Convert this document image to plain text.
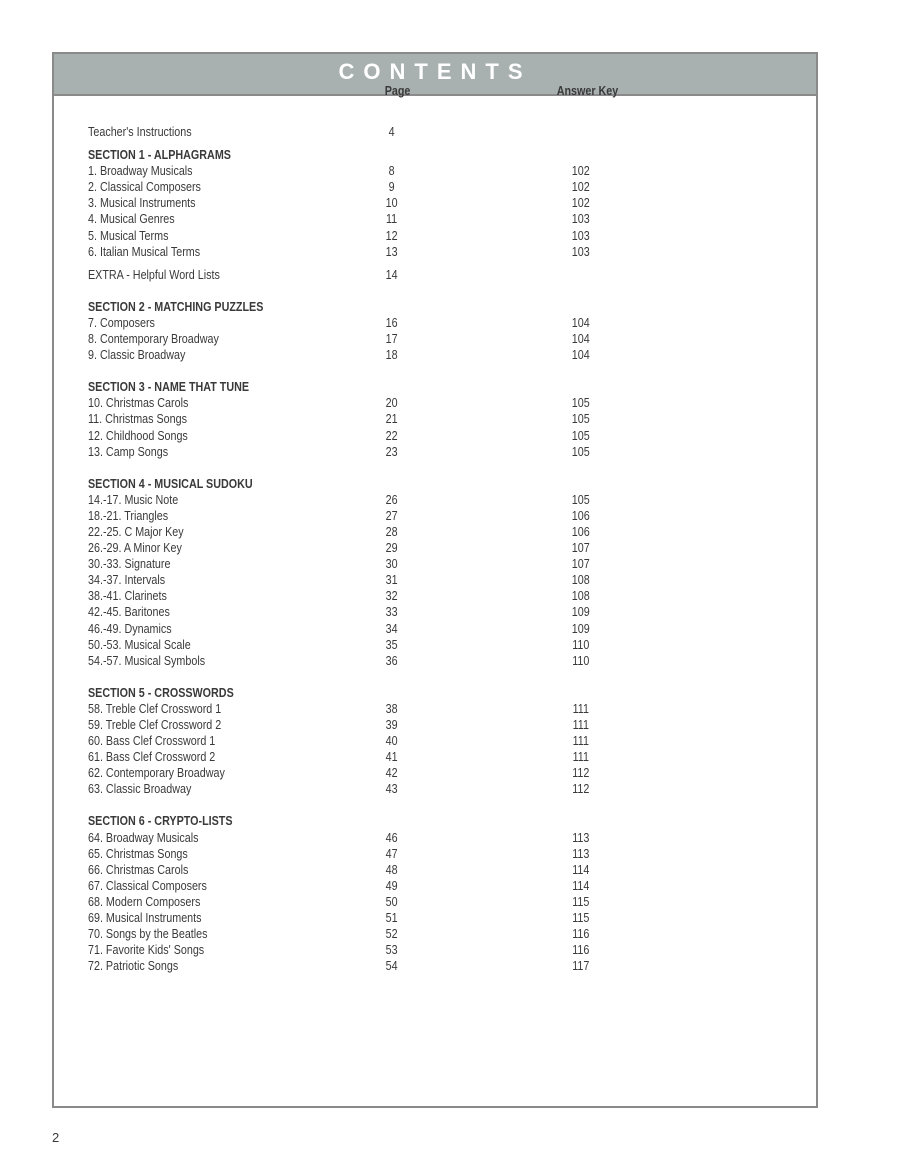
CONTENTS
Page	Answer Key
Teacher's Instructions	4
SECTION 1 - ALPHAGRAMS
1. Broadway Musicals	8	102
2. Classical Composers	9	102
3. Musical Instruments	10	102
4. Musical Genres	11	103
5. Musical Terms	12	103
6. Italian Musical Terms	13	103
EXTRA - Helpful Word Lists	14
SECTION 2 - MATCHING PUZZLES
7. Composers	16	104
8. Contemporary Broadway	17	104
9. Classic Broadway	18	104
SECTION 3 - NAME THAT TUNE
10. Christmas Carols	20	105
11. Christmas Songs	21	105
12. Childhood Songs	22	105
13. Camp Songs	23	105
SECTION 4 - MUSICAL SUDOKU
14.-17. Music Note	26	105
18.-21. Triangles	27	106
22.-25. C Major Key	28	106
26.-29. A Minor Key	29	107
30.-33. Signature	30	107
34.-37. Intervals	31	108
38.-41. Clarinets	32	108
42.-45. Baritones	33	109
46.-49. Dynamics	34	109
50.-53. Musical Scale	35	110
54.-57. Musical Symbols	36	110
SECTION 5 - CROSSWORDS
58. Treble Clef Crossword 1	38	111
59. Treble Clef Crossword 2	39	111
60. Bass Clef Crossword 1	40	111
61. Bass Clef Crossword 2	41	111
62. Contemporary Broadway	42	112
63. Classic Broadway	43	112
SECTION 6 - CRYPTO-LISTS
64. Broadway Musicals	46	113
65. Christmas Songs	47	113
66. Christmas Carols	48	114
67. Classical Composers	49	114
68. Modern Composers	50	115
69. Musical Instruments	51	115
70. Songs by the Beatles	52	116
71. Favorite Kids' Songs	53	116
72. Patriotic Songs	54	117
2
